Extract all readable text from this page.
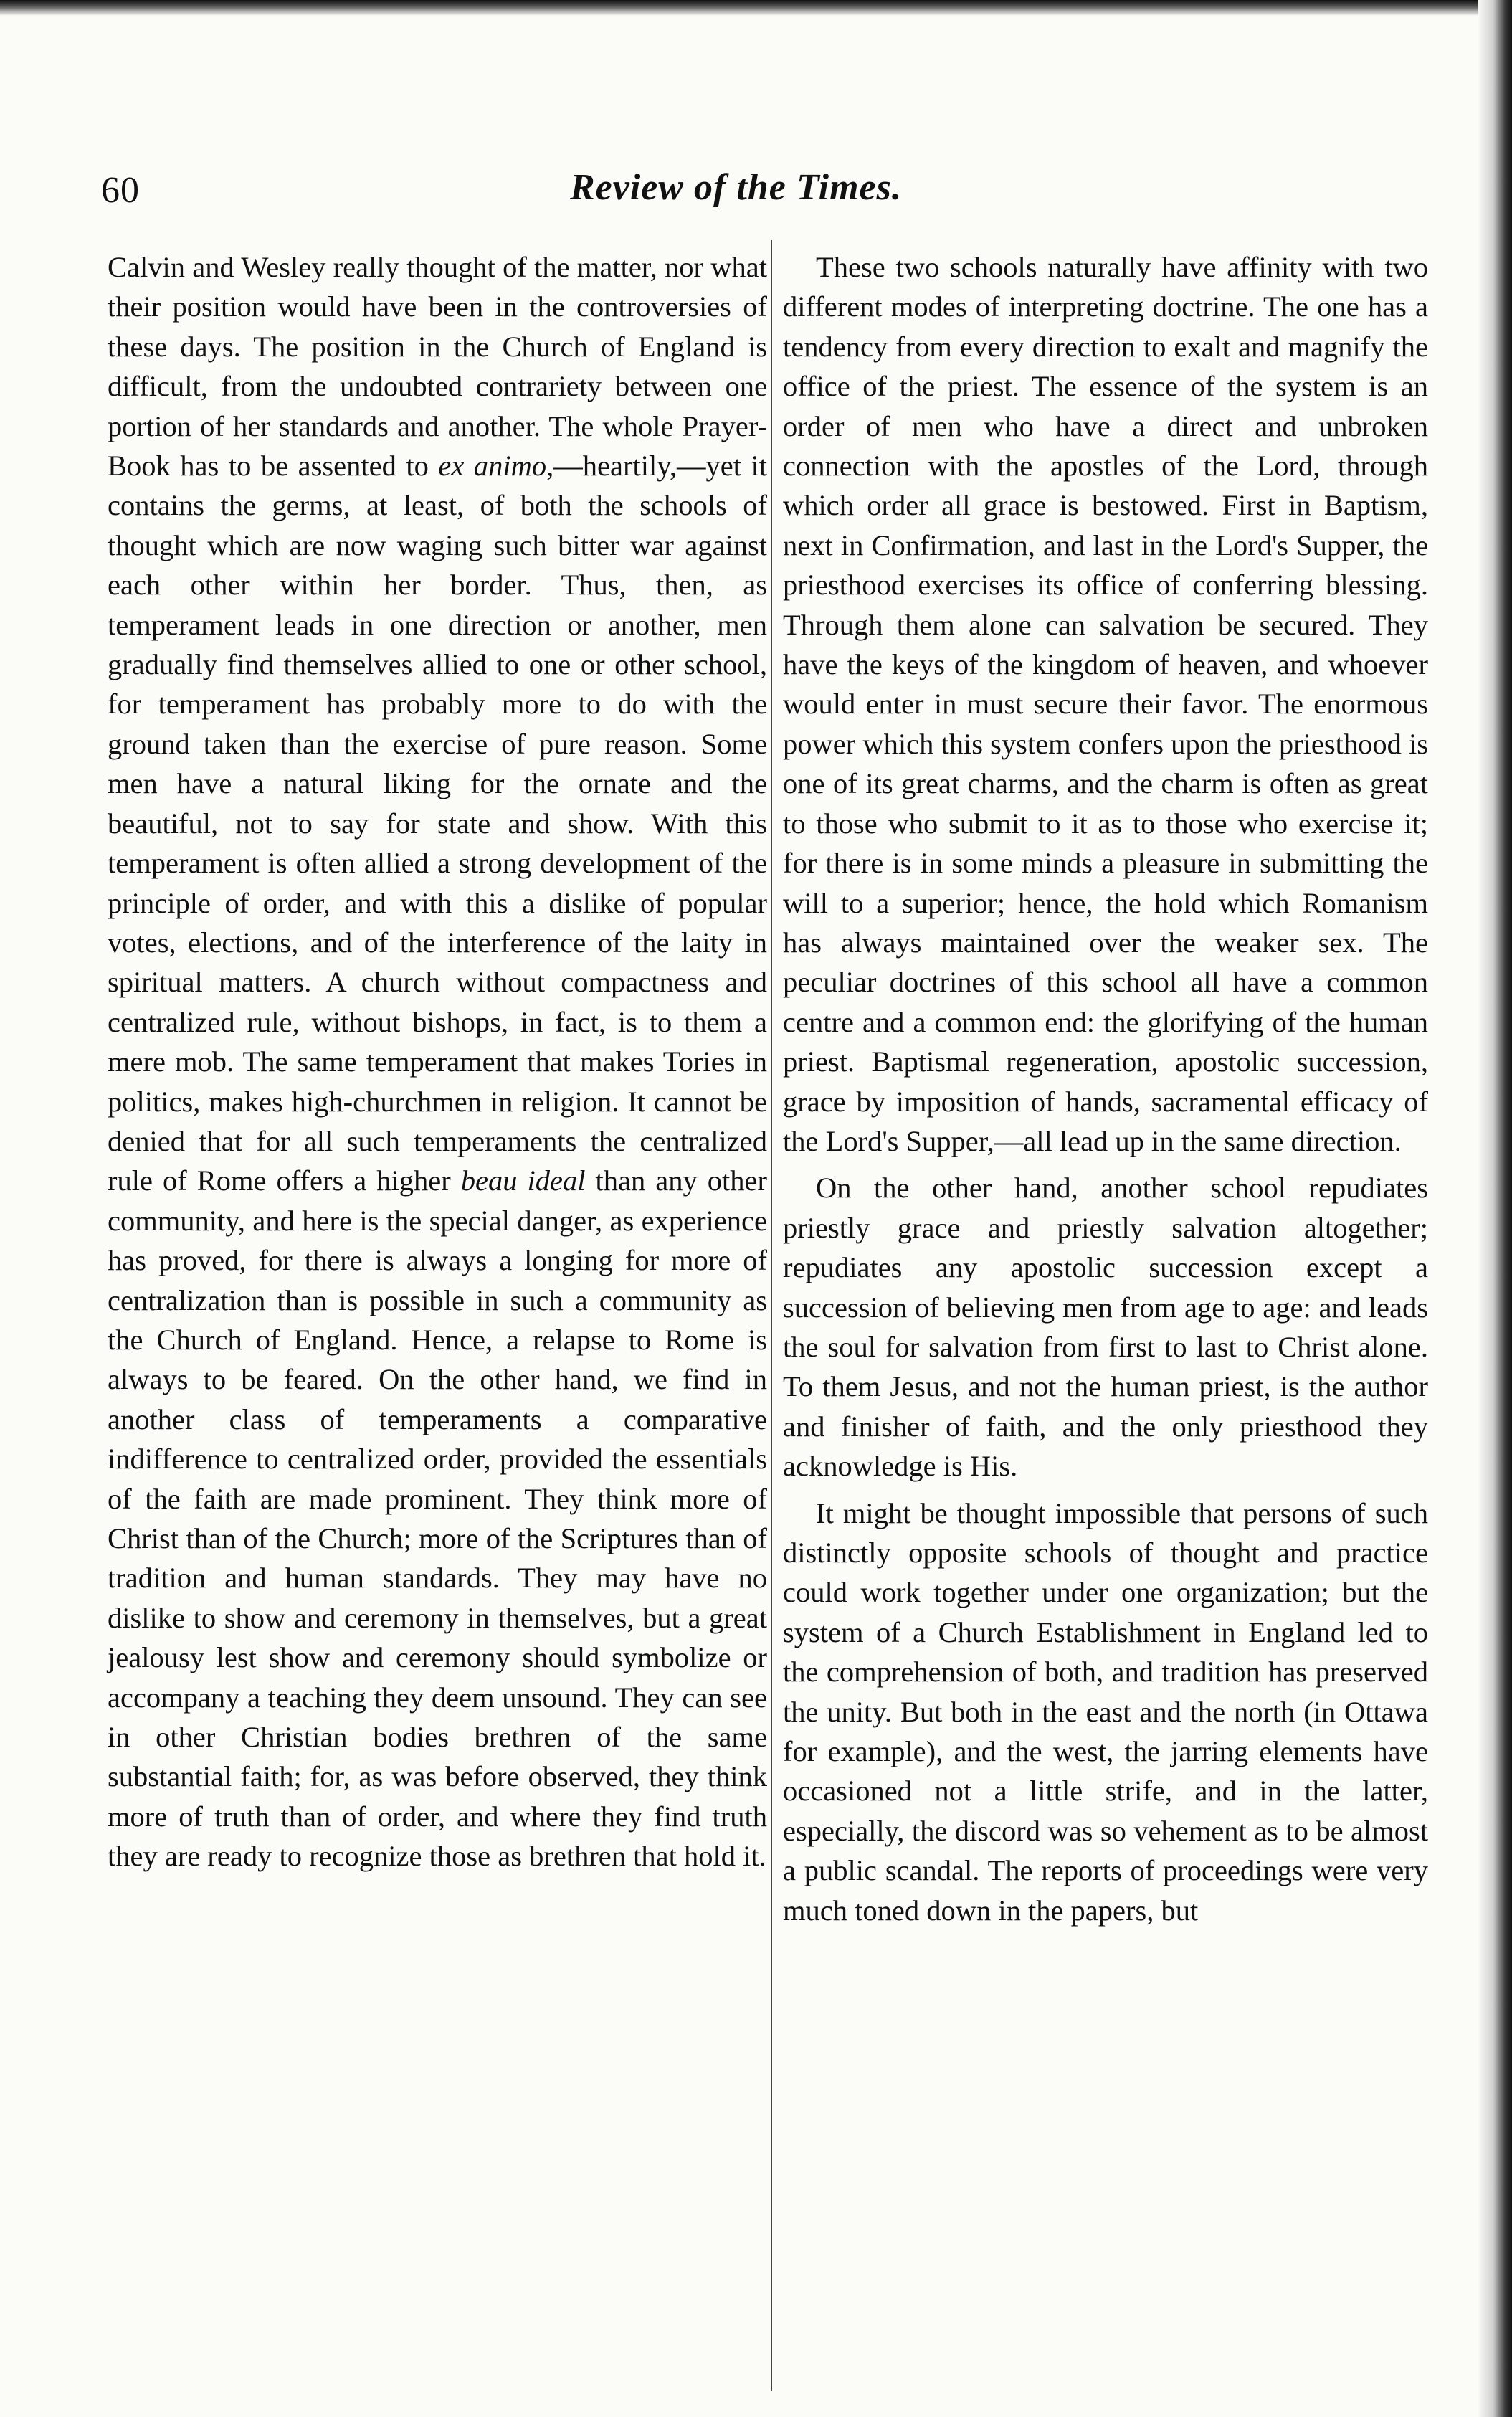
60	Review of the Times.

Calvin and Wesley really thought of the matter, nor what their position would have been in the controversies of these days. The position in the Church of England is difficult, from the undoubted contrariety between one portion of her standards and another. The whole Prayer-Book has to be assented to ex animo,—heartily,—yet it contains the germs, at least, of both the schools of thought which are now waging such bitter war against each other within her border. Thus, then, as temperament leads in one direction or another, men gradually find themselves allied to one or other school, for temperament has probably more to do with the ground taken than the exercise of pure reason. Some men have a natural liking for the ornate and the beautiful, not to say for state and show. With this temperament is often allied a strong development of the principle of order, and with this a dislike of popular votes, elections, and of the interference of the laity in spiritual matters. A church without compactness and centralized rule, without bishops, in fact, is to them a mere mob. The same temperament that makes Tories in politics, makes high-churchmen in religion. It cannot be denied that for all such temperaments the centralized rule of Rome offers a higher beau ideal than any other community, and here is the special danger, as experience has proved, for there is always a longing for more of centralization than is possible in such a community as the Church of England. Hence, a relapse to Rome is always to be feared. On the other hand, we find in another class of temperaments a comparative indifference to centralized order, provided the essentials of the faith are made prominent. They think more of Christ than of the Church; more of the Scriptures than of tradition and human standards. They may have no dislike to show and ceremony in themselves, but a great jealousy lest show and ceremony should symbolize or accompany a teaching they deem unsound. They can see in other Christian bodies brethren of the same substantial faith; for, as was before observed, they think more of truth than of order, and where they find truth they are ready to recognize those as brethren that hold it.

These two schools naturally have affinity with two different modes of interpreting doctrine. The one has a tendency from every direction to exalt and magnify the office of the priest. The essence of the system is an order of men who have a direct and unbroken connection with the apostles of the Lord, through which order all grace is bestowed. First in Baptism, next in Confirmation, and last in the Lord's Supper, the priesthood exercises its office of conferring blessing. Through them alone can salvation be secured. They have the keys of the kingdom of heaven, and whoever would enter in must secure their favor. The enormous power which this system confers upon the priesthood is one of its great charms, and the charm is often as great to those who submit to it as to those who exercise it; for there is in some minds a pleasure in submitting the will to a superior; hence, the hold which Romanism has always maintained over the weaker sex. The peculiar doctrines of this school all have a common centre and a common end: the glorifying of the human priest. Baptismal regeneration, apostolic succession, grace by imposition of hands, sacramental efficacy of the Lord's Supper,—all lead up in the same direction.

On the other hand, another school repudiates priestly grace and priestly salvation altogether; repudiates any apostolic succession except a succession of believing men from age to age: and leads the soul for salvation from first to last to Christ alone. To them Jesus, and not the human priest, is the author and finisher of faith, and the only priesthood they acknowledge is His.

It might be thought impossible that persons of such distinctly opposite schools of thought and practice could work together under one organization; but the system of a Church Establishment in England led to the comprehension of both, and tradition has preserved the unity. But both in the east and the north (in Ottawa for example), and the west, the jarring elements have occasioned not a little strife, and in the latter, especially, the discord was so vehement as to be almost a public scandal. The reports of proceedings were very much toned down in the papers, but
